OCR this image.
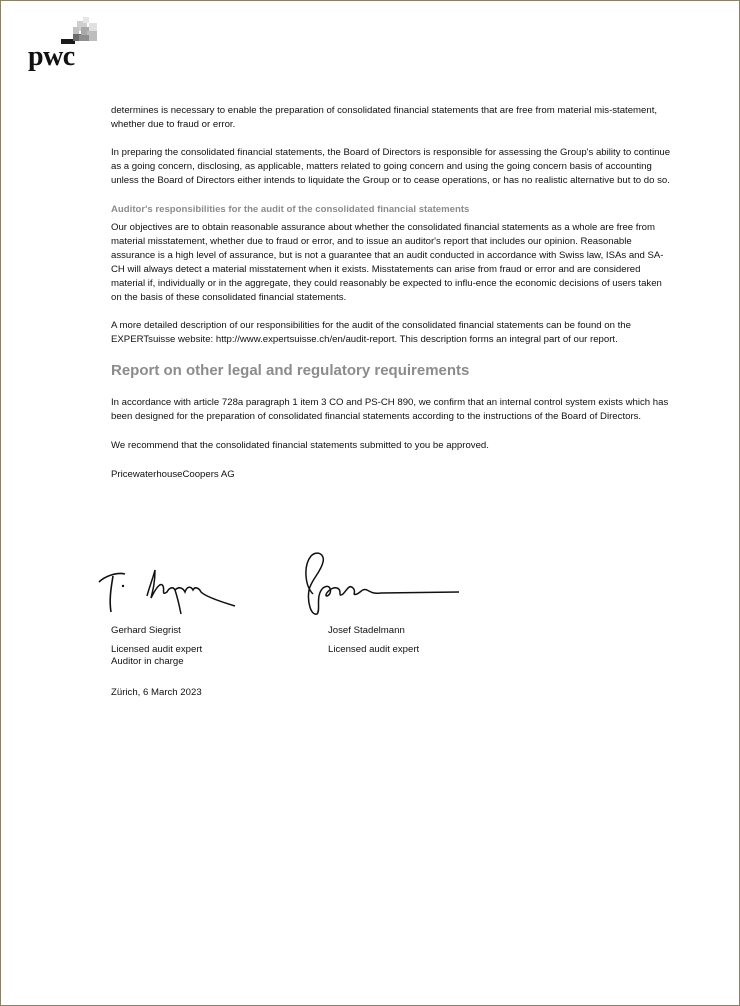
pwc

determines is necessary to enable the preparation of consolidated financial statements that are free from material mis-statement, whether due to fraud or error.

In preparing the consolidated financial statements, the Board of Directors is responsible for assessing the Group's ability to continue as a going concern, disclosing, as applicable, matters related to going concern and using the going concern basis of accounting unless the Board of Directors either intends to liquidate the Group or to cease operations, or has no realistic alternative but to do so.

Auditor's responsibilities for the audit of the consolidated financial statements

Our objectives are to obtain reasonable assurance about whether the consolidated financial statements as a whole are free from material misstatement, whether due to fraud or error, and to issue an auditor's report that includes our opinion. Reasonable assurance is a high level of assurance, but is not a guarantee that an audit conducted in accordance with Swiss law, ISAs and SA-CH will always detect a material misstatement when it exists. Misstatements can arise from fraud or error and are considered material if, individually or in the aggregate, they could reasonably be expected to influ-ence the economic decisions of users taken on the basis of these consolidated financial statements.

A more detailed description of our responsibilities for the audit of the consolidated financial statements can be found on the EXPERTsuisse website: http://www.expertsuisse.ch/en/audit-report. This description forms an integral part of our report.

Report on other legal and regulatory requirements

In accordance with article 728a paragraph 1 item 3 CO and PS-CH 890, we confirm that an internal control system exists which has been designed for the preparation of consolidated financial statements according to the instructions of the Board of Directors.

We recommend that the consolidated financial statements submitted to you be approved.

PricewaterhouseCoopers AG

Gerhard Siegrist
Licensed audit expert
Auditor in charge
Josef Stadelmann
Licensed audit expert
Zürich, 6 March 2023
